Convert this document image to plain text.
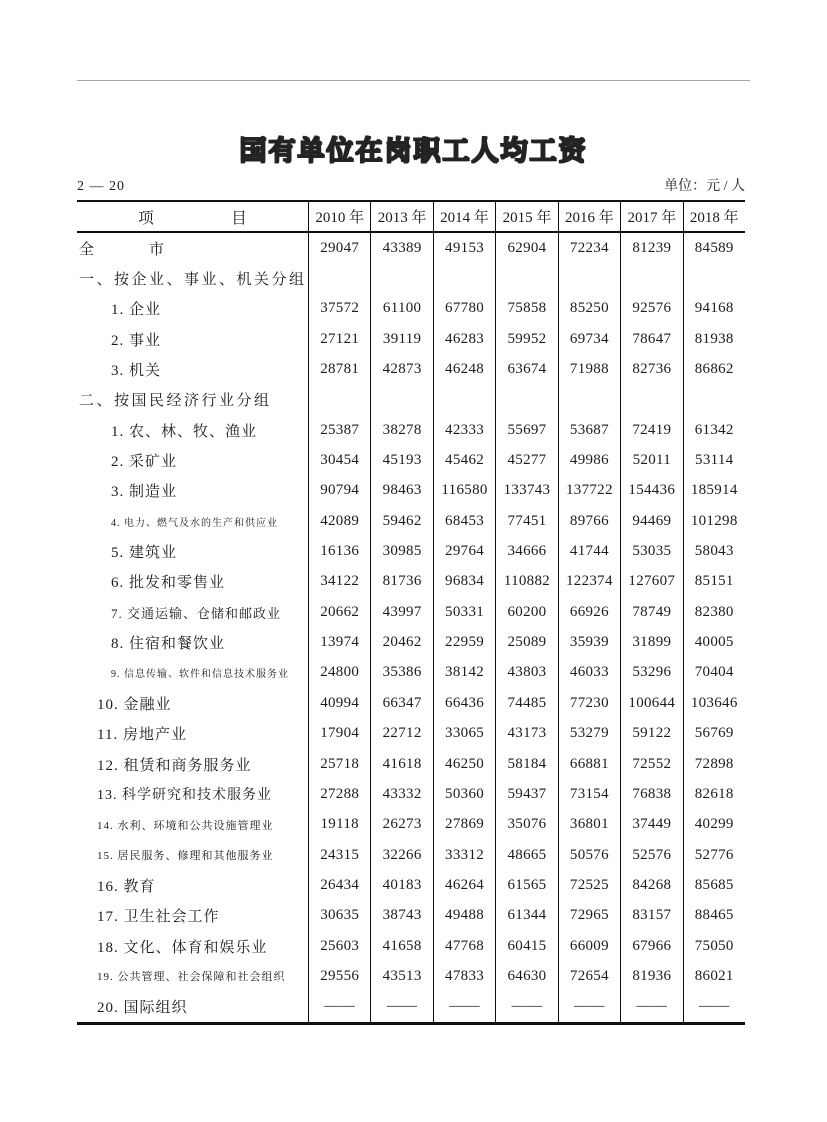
国有单位在岗职工人均工资
2 — 20	单位：元 / 人
项　　　　　目	2010 年 2013 年 2014 年 2015 年 2016 年 2017 年 2018 年
全　　　市	29047	43389	49153	62904	72234	81239	84589
一、按企业、事业、机关分组
1. 企业	37572	61100	67780	75858	85250	92576	94168
2. 事业	27121	39119	46283	59952	69734	78647	81938
3. 机关	28781	42873	46248	63674	71988	82736	86862
二、按国民经济行业分组
1. 农、林、牧、渔业	25387	38278	42333	55697	53687	72419	61342
2. 采矿业	30454	45193	45462	45277	49986	52011	53114
3. 制造业	90794	98463	116580	133743	137722	154436	185914
4. 电力、燃气及水的生产和供应业	42089	59462	68453	77451	89766	94469	101298
5. 建筑业	16136	30985	29764	34666	41744	53035	58043
6. 批发和零售业	34122	81736	96834	110882	122374	127607	85151
7. 交通运输、仓储和邮政业	20662	43997	50331	60200	66926	78749	82380
8. 住宿和餐饮业	13974	20462	22959	25089	35939	31899	40005
9. 信息传输、软件和信息技术服务业	24800	35386	38142	43803	46033	53296	70404
10. 金融业	40994	66347	66436	74485	77230	100644	103646
11. 房地产业	17904	22712	33065	43173	53279	59122	56769
12. 租赁和商务服务业	25718	41618	46250	58184	66881	72552	72898
13. 科学研究和技术服务业	27288	43332	50360	59437	73154	76838	82618
14. 水利、环境和公共设施管理业	19118	26273	27869	35076	36801	37449	40299
15. 居民服务、修理和其他服务业	24315	32266	33312	48665	50576	52576	52776
16. 教育	26434	40183	46264	61565	72525	84268	85685
17. 卫生社会工作	30635	38743	49488	61344	72965	83157	88465
18. 文化、体育和娱乐业	25603	41658	47768	60415	66009	67966	75050
19. 公共管理、社会保障和社会组织	29556	43513	47833	64630	72654	81936	86021
20. 国际组织	——	——	——	——	——	——	——
